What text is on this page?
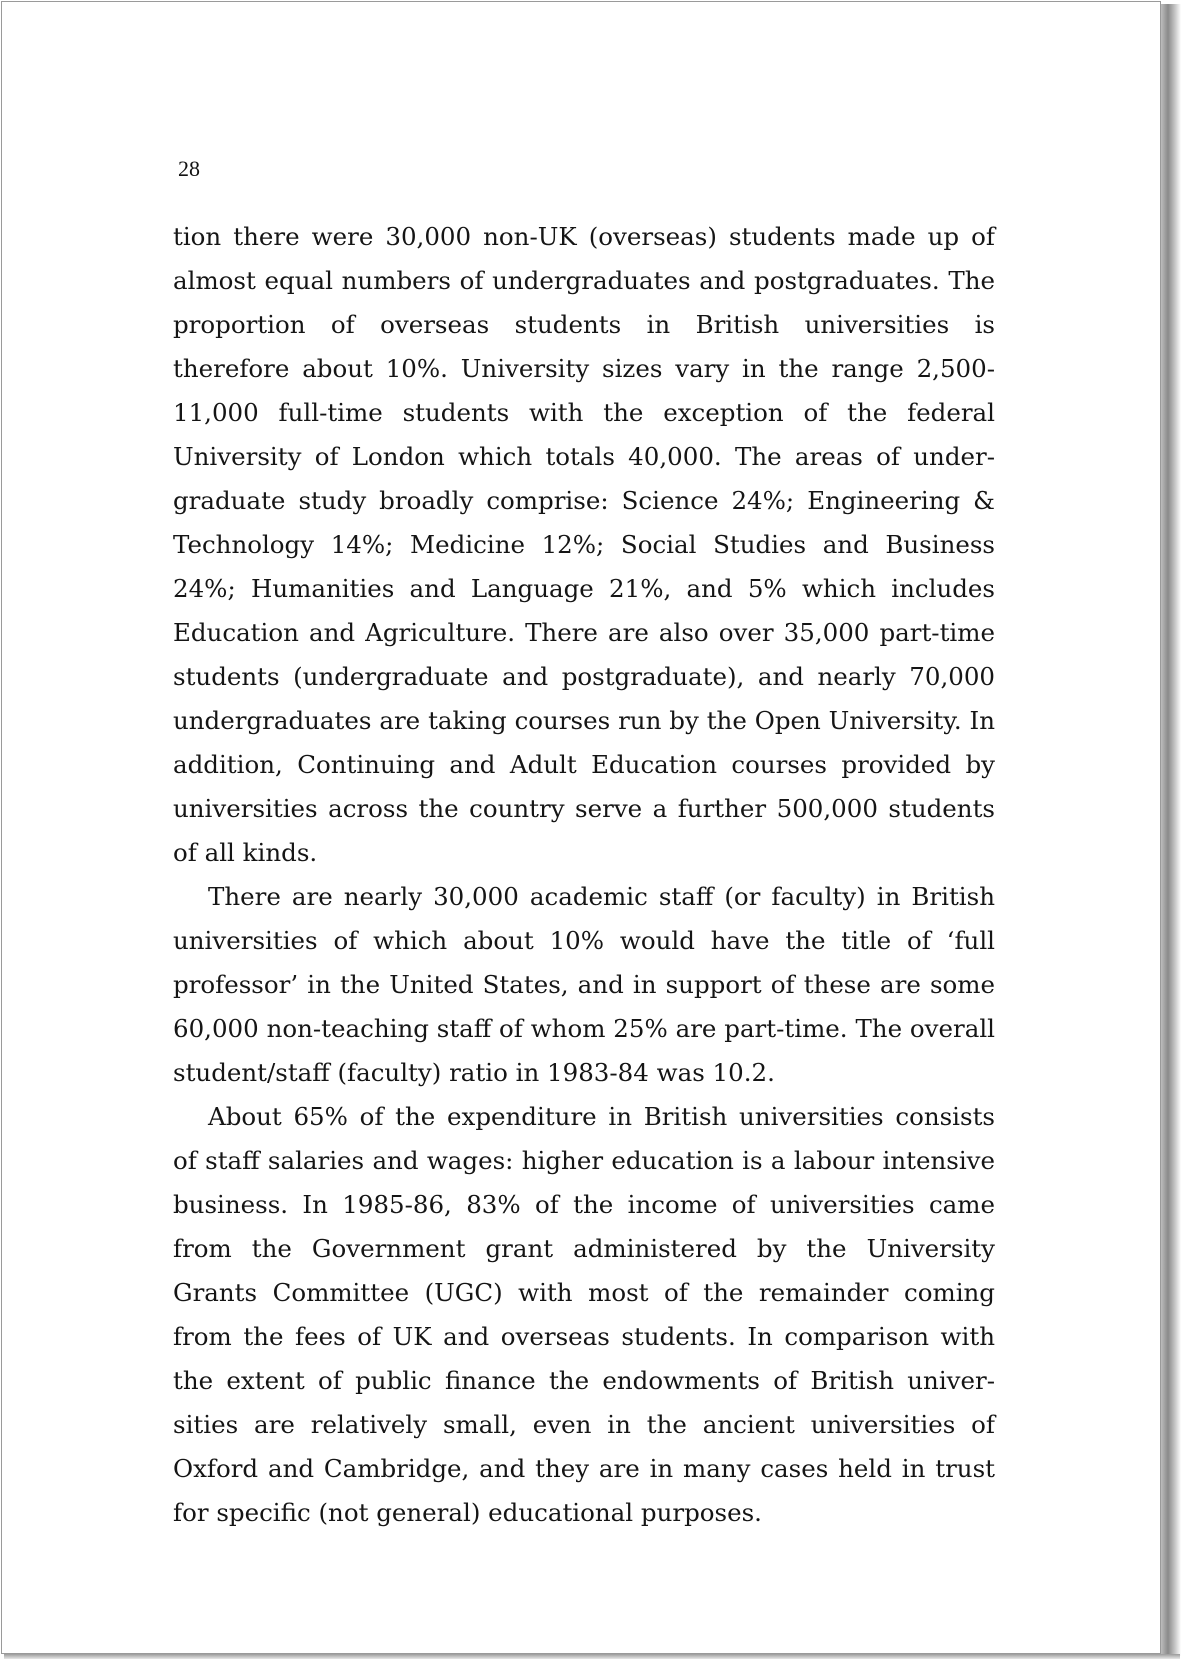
28

tion there were 30,000 non-UK (overseas) students made up of almost equal numbers of undergraduates and postgraduates. The proportion of overseas students in British universities is therefore about 10%. University sizes vary in the range 2,500-11,000 full-time students with the exception of the federal University of London which totals 40,000. The areas of under-graduate study broadly comprise: Science 24%; Engineering & Technology 14%; Medicine 12%; Social Studies and Business 24%; Humanities and Language 21%, and 5% which includes Education and Agriculture. There are also over 35,000 part-time students (undergraduate and postgraduate), and nearly 70,000 undergraduates are taking courses run by the Open University. In addition, Continuing and Adult Education courses provided by universities across the country serve a further 500,000 students of all kinds.

There are nearly 30,000 academic staff (or faculty) in British universities of which about 10% would have the title of ‘full professor’ in the United States, and in support of these are some 60,000 non-teaching staff of whom 25% are part-time. The overall student/staff (faculty) ratio in 1983-84 was 10.2.

About 65% of the expenditure in British universities consists of staff salaries and wages: higher education is a labour intensive business. In 1985-86, 83% of the income of universities came from the Government grant administered by the University Grants Committee (UGC) with most of the remainder coming from the fees of UK and overseas students. In comparison with the extent of public finance the endowments of British univer-sities are relatively small, even in the ancient universities of Oxford and Cambridge, and they are in many cases held in trust for specific (not general) educational purposes.
